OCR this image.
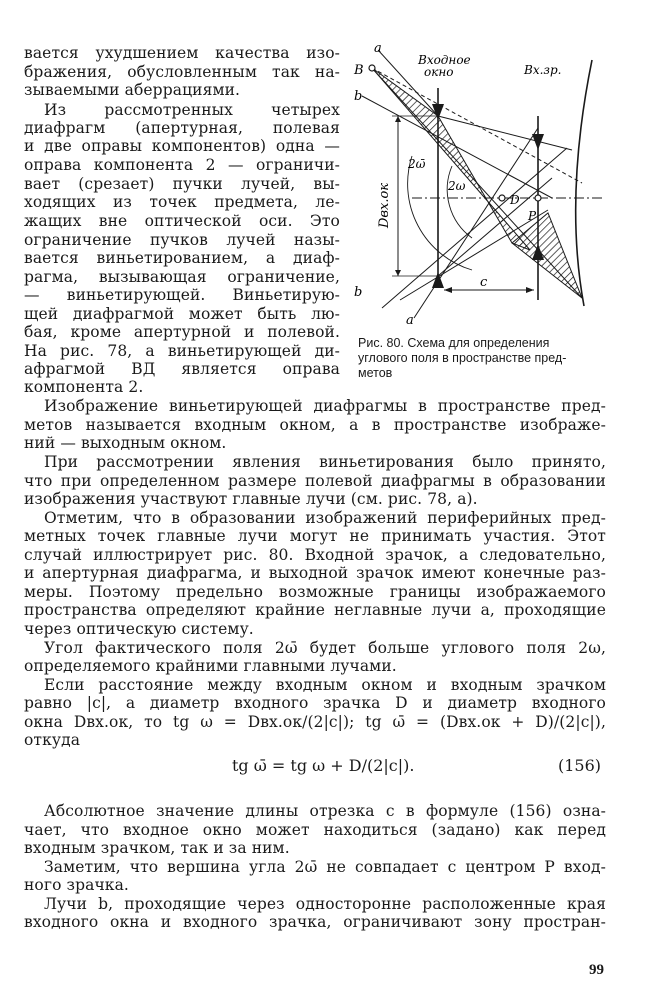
вается ухудшением качества изо-
бражения, обусловленным так на-
зываемыми аберрациями.
Из рассмотренных четырех
диафрагм (апертурная, полевая
и две оправы компонентов) одна —
оправа компонента 2 — ограничи-
вает (срезает) пучки лучей, вы-
ходящих из точек предмета, ле-
жащих вне оптической оси. Это
ограничение пучков лучей назы-
вается виньетированием, а диаф-
рагма, вызывающая ограничение,
— виньетирующей. Виньетирую-
щей диафрагмой может быть лю-
бая, кроме апертурной и полевой.
На рис. 78, а виньетирующей ди-
афрагмой ВД является оправа
компонента 2.
a
B
b
Входное
окно	Вх.зр.
2ω̄
2ω
Dвх.ок	D
P
c
b
a
Рис. 80. Схема для определения
углового поля в пространстве пред-
метов
Изображение виньетирующей диафрагмы в пространстве пред-
метов называется входным окном, а в пространстве изображе-
ний — выходным окном.
При рассмотрении явления виньетирования было принято,
что при определенном размере полевой диафрагмы в образовании
изображения участвуют главные лучи (см. рис. 78, а).
Отметим, что в образовании изображений периферийных пред-
метных точек главные лучи могут не принимать участия. Этот
случай иллюстрирует рис. 80. Входной зрачок, а следовательно,
и апертурная диафрагма, и выходной зрачок имеют конечные раз-
меры. Поэтому предельно возможные границы изображаемого
пространства определяют крайние неглавные лучи а, проходящие
через оптическую систему.
Угол фактического поля 2ω̄ будет больше углового поля 2ω,
определяемого крайними главными лучами.
Если расстояние между входным окном и входным зрачком
равно |c|, а диаметр входного зрачка D и диаметр входного
окна Dвх.ок, то tg ω = Dвх.ок/(2|c|); tg ω̄ = (Dвх.ок + D)/(2|c|),
откуда
tg ω̄ = tg ω + D/(2|c|).	(156)
Абсолютное значение длины отрезка с в формуле (156) озна-
чает, что входное окно может находиться (задано) как перед
входным зрачком, так и за ним.
Заметим, что вершина угла 2ω̄ не совпадает с центром P вход-
ного зрачка.
Лучи b, проходящие через односторонне расположенные края
входного окна и входного зрачка, ограничивают зону простран-
99
